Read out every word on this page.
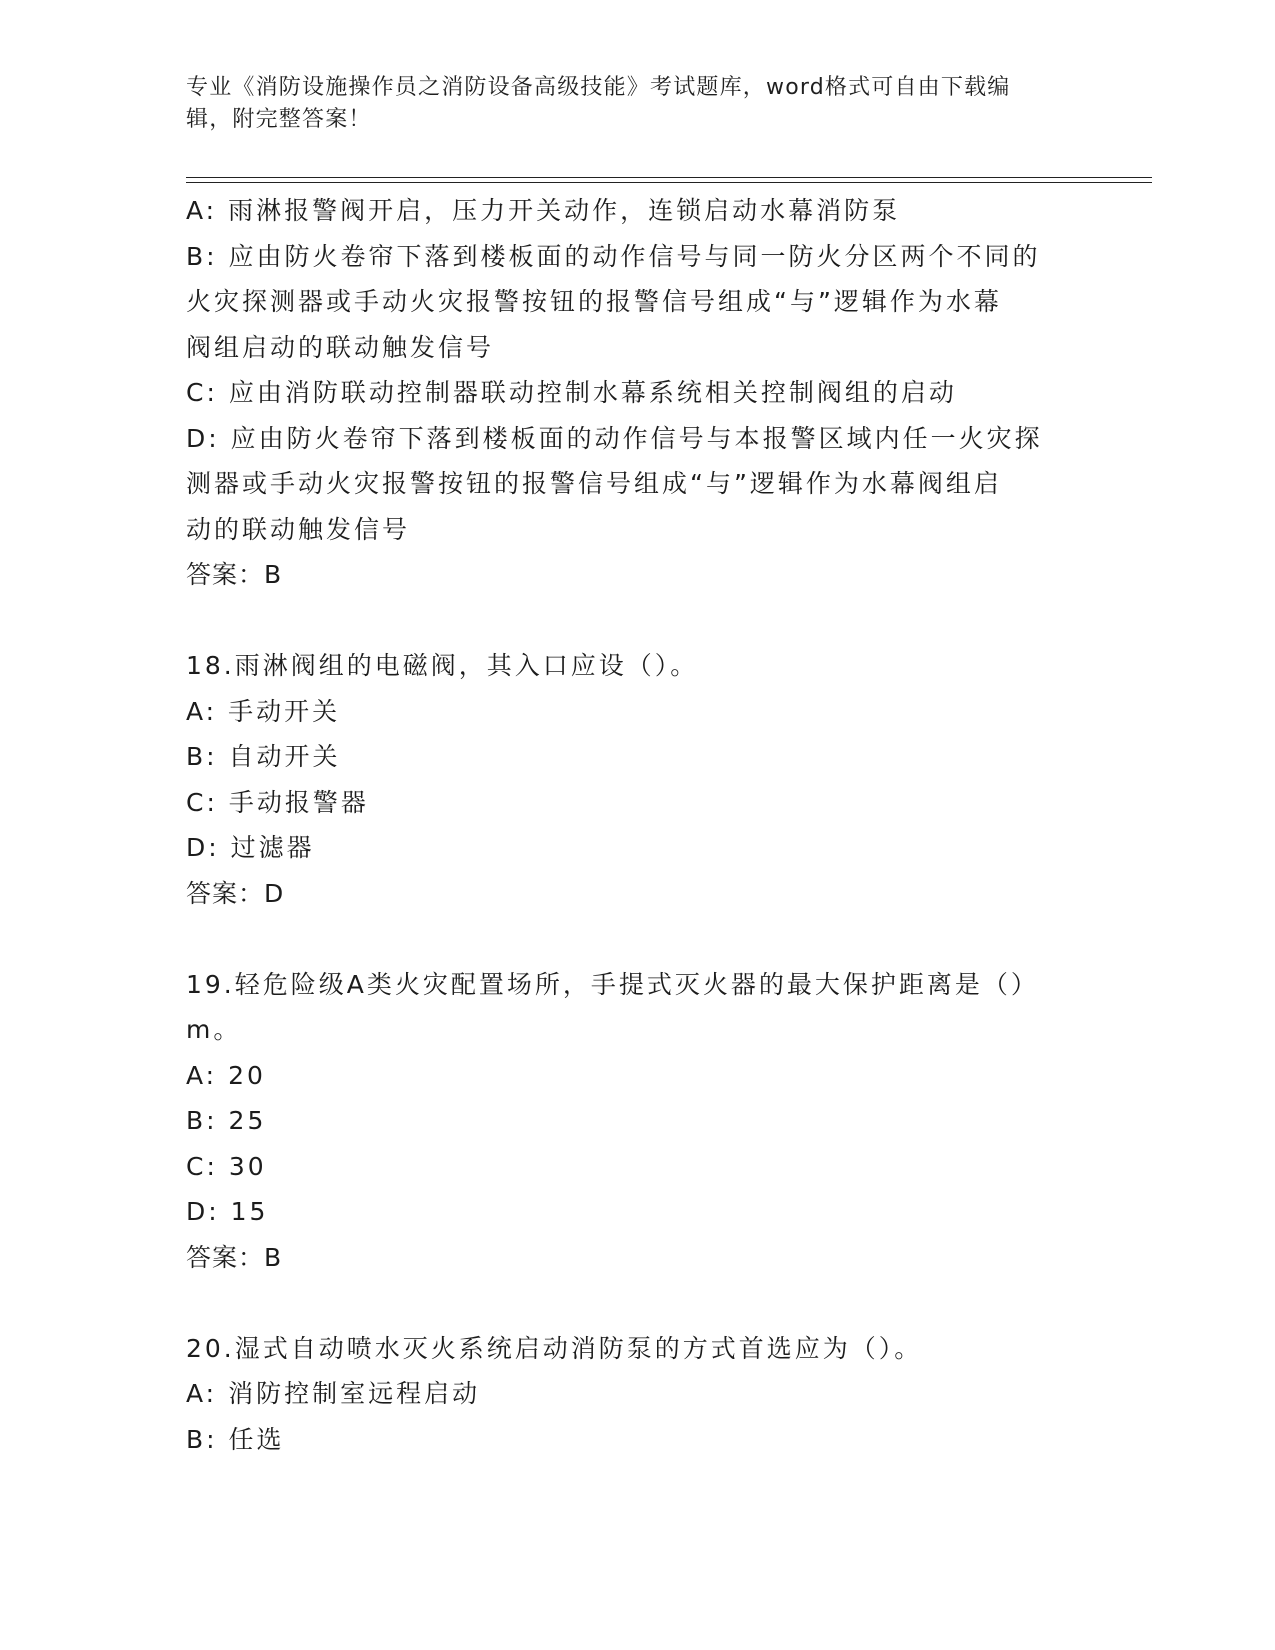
专业《消防设施操作员之消防设备高级技能》考试题库，word格式可自由下载编
辑，附完整答案！
A: 雨淋报警阀开启，压力开关动作，连锁启动水幕消防泵
B: 应由防火卷帘下落到楼板面的动作信号与同一防火分区两个不同的
火灾探测器或手动火灾报警按钮的报警信号组成“与”逻辑作为水幕
阀组启动的联动触发信号
C: 应由消防联动控制器联动控制水幕系统相关控制阀组的启动
D: 应由防火卷帘下落到楼板面的动作信号与本报警区域内任一火灾探
测器或手动火灾报警按钮的报警信号组成“与”逻辑作为水幕阀组启
动的联动触发信号
答案：B
18.雨淋阀组的电磁阀，其入口应设（）。
A: 手动开关
B: 自动开关
C: 手动报警器
D: 过滤器
答案：D
19.轻危险级A类火灾配置场所，手提式灭火器的最大保护距离是（）
m。
A: 20
B: 25
C: 30
D: 15
答案：B
20.湿式自动喷水灭火系统启动消防泵的方式首选应为（）。
A: 消防控制室远程启动
B: 任选
